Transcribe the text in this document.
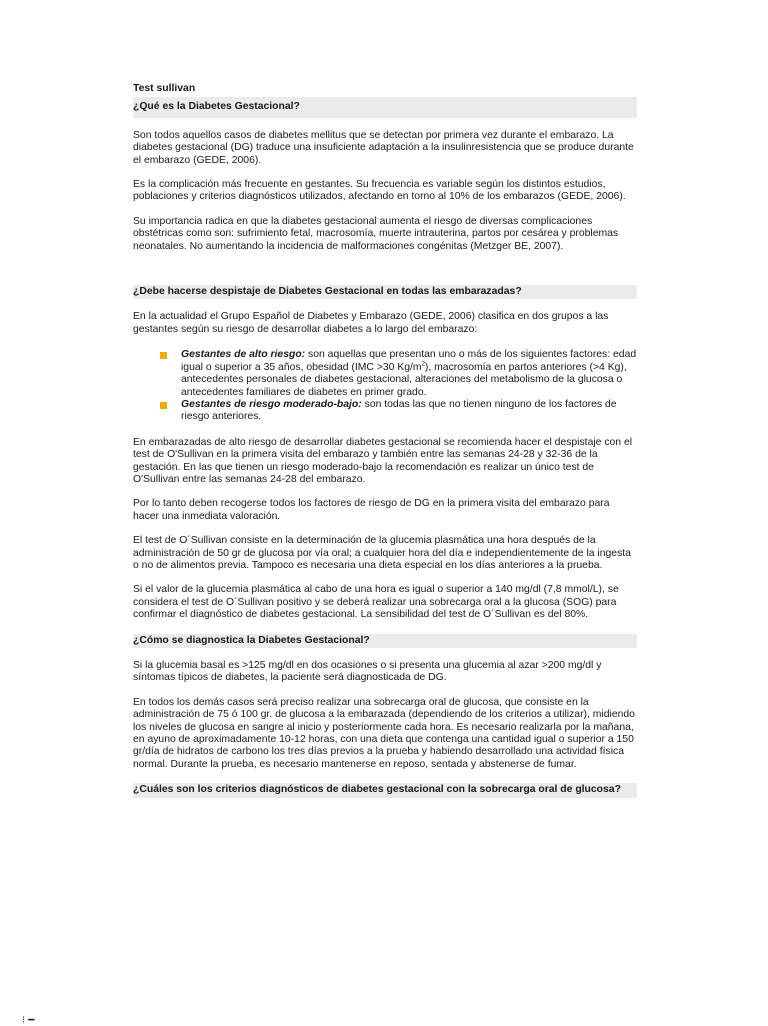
Test sullivan

¿Qué es la Diabetes Gestacional?

Son todos aquellos casos de diabetes mellitus que se detectan por primera vez durante el embarazo. La diabetes gestacional (DG) traduce una insuficiente adaptación a la insulinresistencia que se produce durante el embarazo (GEDE, 2006).

Es la complicación más frecuente en gestantes. Su frecuencia es variable según los distintos estudios, poblaciones y criterios diagnósticos utilizados, afectando en torno al 10% de los embarazos (GEDE, 2006).

Su importancia radica en que la diabetes gestacional aumenta el riesgo de diversas complicaciones obstétricas como son: sufrimiento fetal, macrosomía, muerte intrauterina, partos por cesárea y problemas neonatales. No aumentando la incidencia de malformaciones congénitas (Metzger BE, 2007).

¿Debe hacerse despistaje de Diabetes Gestacional en todas las embarazadas?

En la actualidad el Grupo Español de Diabetes y Embarazo (GEDE, 2006) clasifica en dos grupos a las gestantes según su riesgo de desarrollar diabetes a lo largo del embarazo:

Gestantes de alto riesgo: son aquellas que presentan uno o más de los siguientes factores: edad igual o superior a 35 años, obesidad (IMC >30 $Kg/m^2$), macrosomía en partos anteriores (>4 Kg), antecedentes personales de diabetes gestacional, alteraciones del metabolismo de la glucosa o antecedentes familiares de diabetes en primer grado.
Gestantes de riesgo moderado-bajo: son todas las que no tienen ninguno de los factores de riesgo anteriores.

En embarazadas de alto riesgo de desarrollar diabetes gestacional se recomienda hacer el despistaje con el test de O'Sullivan en la primera visita del embarazo y también entre las semanas 24-28 y 32-36 de la gestación. En las que tienen un riesgo moderado-bajo la recomendación es realizar un único test de O'Sullivan entre las semanas 24-28 del embarazo.

Por lo tanto deben recogerse todos los factores de riesgo de DG en la primera visita del embarazo para hacer una inmediata valoración.

El test de O´Sullivan consiste en la determinación de la glucemia plasmática una hora después de la administración de 50 gr de glucosa por vía oral; a cualquier hora del día e independientemente de la ingesta o no de alimentos previa. Tampoco es necesaria una dieta especial en los días anteriores a la prueba.

Si el valor de la glucemia plasmática al cabo de una hora es igual o superior a 140 mg/dl (7,8 mmol/L), se considera el test de O´Sullivan positivo y se deberá realizar una sobrecarga oral a la glucosa (SOG) para confirmar el diagnóstico de diabetes gestacional. La sensibilidad del test de O´Sullivan es del 80%.

¿Cómo se diagnostica la Diabetes Gestacional?

Si la glucemia basal es >125 mg/dl en dos ocasiones o si presenta una glucemia al azar >200 mg/dl y síntomas típicos de diabetes, la paciente será diagnosticada de DG.

En todos los demás casos será preciso realizar una sobrecarga oral de glucosa, que consiste en la administración de 75 ó 100 gr. de glucosa a la embarazada (dependiendo de los criterios a utilizar), midiendo los niveles de glucosa en sangre al inicio y posteriormente cada hora. Es necesario realizarla por la mañana, en ayuno de aproximadamente 10-12 horas, con una dieta que contenga una cantidad igual o superior a 150 gr/día de hidratos de carbono los tres días previos a la prueba y habiendo desarrollado una actividad física normal. Durante la prueba, es necesario mantenerse en reposo, sentada y abstenerse de fumar.

¿Cuáles son los criterios diagnósticos de diabetes gestacional con la sobrecarga oral de glucosa?
⁝ ━
